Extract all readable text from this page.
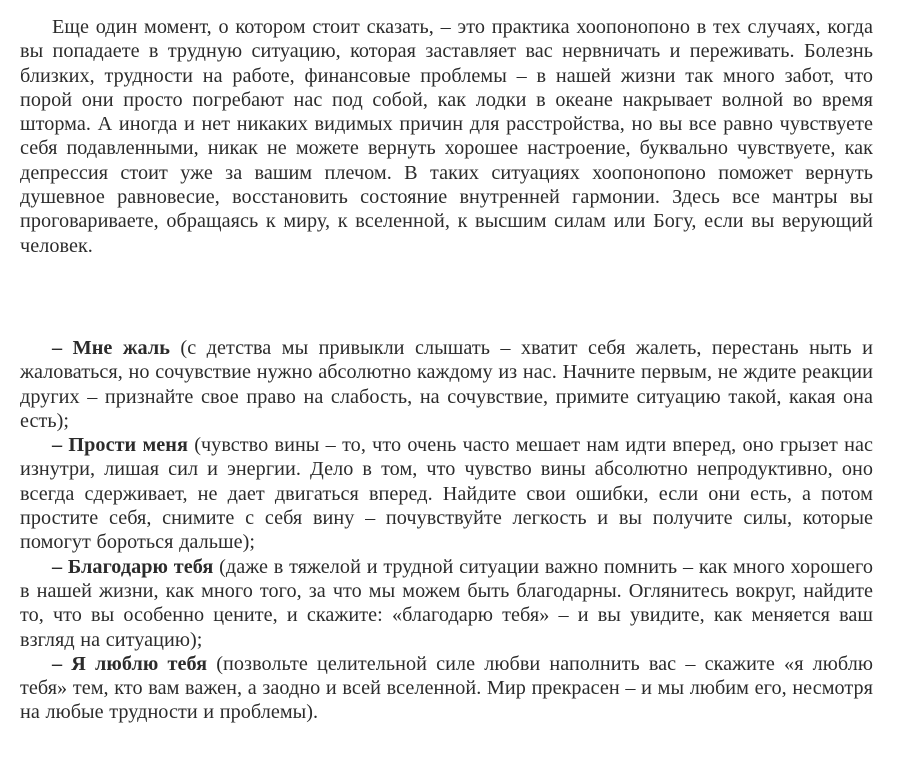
Еще один момент, о котором стоит сказать, – это практика хоопонопоно в тех случаях, когда вы попадаете в трудную ситуацию, которая заставляет вас нервничать и переживать. Болезнь близких, трудности на работе, финансовые проблемы – в нашей жизни так много забот, что порой они просто погребают нас под собой, как лодки в океане накрывает волной во время шторма. А иногда и нет никаких видимых причин для расстройства, но вы все равно чувствуете себя подавленными, никак не можете вернуть хорошее настроение, буквально чувствуете, как депрессия стоит уже за вашим плечом. В таких ситуациях хоопонопоно поможет вернуть душевное равновесие, восстановить состояние внутренней гармонии. Здесь все мантры вы проговариваете, обращаясь к миру, к вселенной, к высшим силам или Богу, если вы верующий человек.

– Мне жаль (с детства мы привыкли слышать – хватит себя жалеть, перестань ныть и жаловаться, но сочувствие нужно абсолютно каждому из нас. Начните первым, не ждите реакции других – признайте свое право на слабость, на сочувствие, примите ситуацию такой, какая она есть);

– Прости меня (чувство вины – то, что очень часто мешает нам идти вперед, оно грызет нас изнутри, лишая сил и энергии. Дело в том, что чувство вины абсолютно непродуктивно, оно всегда сдерживает, не дает двигаться вперед. Найдите свои ошибки, если они есть, а потом простите себя, снимите с себя вину – почувствуйте легкость и вы получите силы, которые помогут бороться дальше);

– Благодарю тебя (даже в тяжелой и трудной ситуации важно помнить – как много хорошего в нашей жизни, как много того, за что мы можем быть благодарны. Оглянитесь вокруг, найдите то, что вы особенно цените, и скажите: «благодарю тебя» – и вы увидите, как меняется ваш взгляд на ситуацию);

– Я люблю тебя (позвольте целительной силе любви наполнить вас – скажите «я люблю тебя» тем, кто вам важен, а заодно и всей вселенной. Мир прекрасен – и мы любим его, несмотря на любые трудности и проблемы).
